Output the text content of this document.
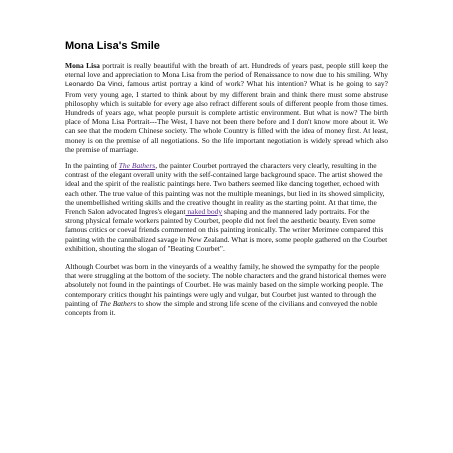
Mona Lisa's Smile

Mona Lisa portrait is really beautiful with the breath of art. Hundreds of years past, people still keep the eternal love and appreciation to Mona Lisa from the period of Renaissance to now due to his smiling. Why Leonardo Da Vinci, famous artist portray a kind of work? What his intention? What is he going to say? From very young age, I started to think about by my different brain and think there must some abstruse philosophy which is suitable for every age also refract different souls of different people from those times. Hundreds of years age, what people pursuit is complete artistic environment. But what is now? The birth place of Mona Lisa Portrait---The West, I have not been there before and I don't know more about it. We can see that the modern Chinese society. The whole Country is filled with the idea of money first. At least, money is on the premise of all negotiations. So the life important negotiation is widely spread which also the premise of marriage.

In the painting of The Bathers, the painter Courbet portrayed the characters very clearly, resulting in the contrast of the elegant overall unity with the self-contained large background space. The artist showed the ideal and the spirit of the realistic paintings here. Two bathers seemed like dancing together, echoed with each other. The true value of this painting was not the multiple meanings, but lied in its showed simplicity, the unembellished writing skills and the creative thought in reality as the starting point. At that time, the French Salon advocated Ingres's elegant naked body shaping and the mannered lady portraits. For the strong physical female workers painted by Courbet, people did not feel the aesthetic beauty. Even some famous critics or coeval friends commented on this painting ironically. The writer Merimee compared this painting with the cannibalized savage in New Zealand. What is more, some people gathered on the Courbet exhibition, shouting the slogan of "Beating Courbet".

Although Courbet was born in the vineyards of a wealthy family, he showed the sympathy for the people that were struggling at the bottom of the society. The noble characters and the grand historical themes were absolutely not found in the paintings of Courbet. He was mainly based on the simple working people. The contemporary critics thought his paintings were ugly and vulgar, but Courbet just wanted to through the painting of The Bathers to show the simple and strong life scene of the civilians and conveyed the noble concepts from it.
